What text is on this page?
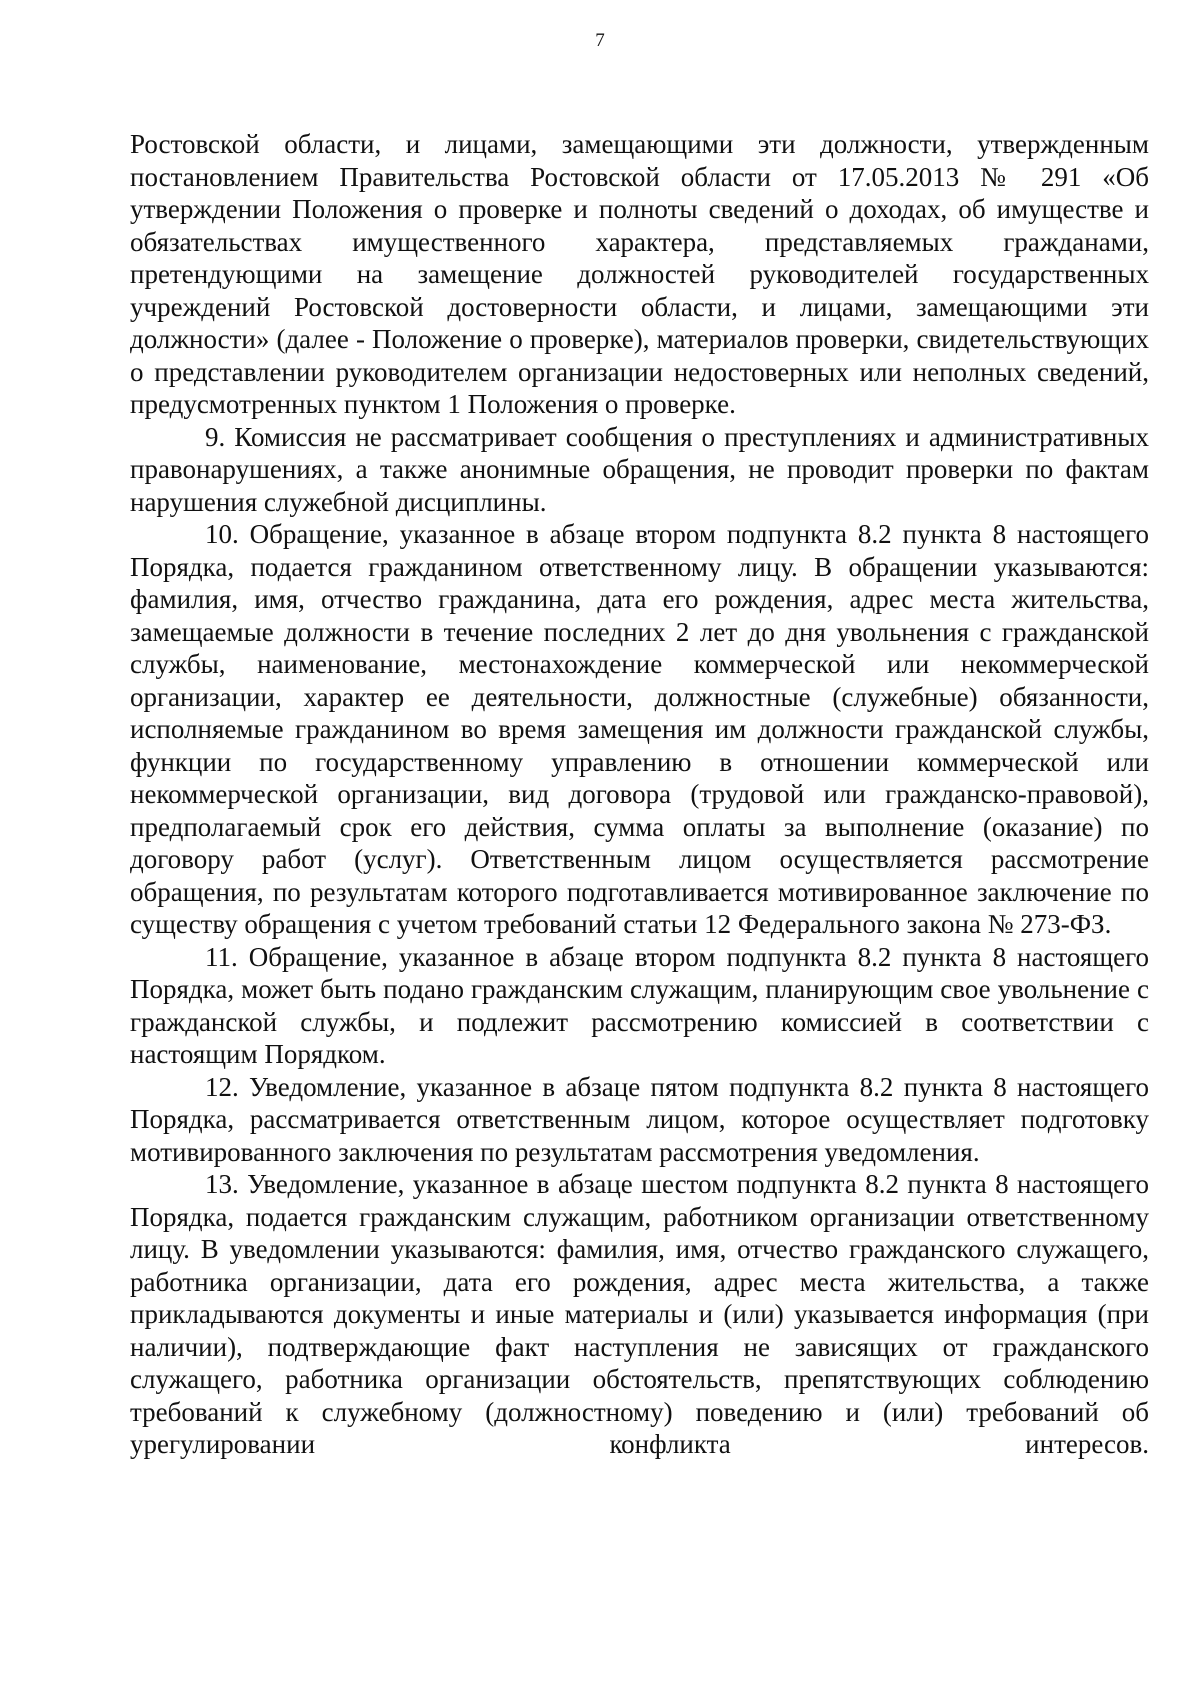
7

Ростовской области, и лицами, замещающими эти должности, утвержденным постановлением Правительства Ростовской области от 17.05.2013 № 291 «Об утверждении Положения о проверке и полноты сведений о доходах, об имуществе и обязательствах имущественного характера, представляемых гражданами, претендующими на замещение должностей руководителей государственных учреждений Ростовской достоверности области, и лицами, замещающими эти должности» (далее - Положение о проверке), материалов проверки, свидетельствующих о представлении руководителем организации недостоверных или неполных сведений, предусмотренных пунктом 1 Положения о проверке.

9. Комиссия не рассматривает сообщения о преступлениях и административных правонарушениях, а также анонимные обращения, не проводит проверки по фактам нарушения служебной дисциплины.

10. Обращение, указанное в абзаце втором подпункта 8.2 пункта 8 настоящего Порядка, подается гражданином ответственному лицу. В обращении указываются: фамилия, имя, отчество гражданина, дата его рождения, адрес места жительства, замещаемые должности в течение последних 2 лет до дня увольнения с гражданской службы, наименование, местонахождение коммерческой или некоммерческой организации, характер ее деятельности, должностные (служебные) обязанности, исполняемые гражданином во время замещения им должности гражданской службы, функции по государственному управлению в отношении коммерческой или некоммерческой организации, вид договора (трудовой или гражданско-правовой), предполагаемый срок его действия, сумма оплаты за выполнение (оказание) по договору работ (услуг). Ответственным лицом осуществляется рассмотрение обращения, по результатам которого подготавливается мотивированное заключение по существу обращения с учетом требований статьи 12 Федерального закона № 273-ФЗ.

11. Обращение, указанное в абзаце втором подпункта 8.2 пункта 8 настоящего Порядка, может быть подано гражданским служащим, планирующим свое увольнение с гражданской службы, и подлежит рассмотрению комиссией в соответствии с настоящим Порядком.

12. Уведомление, указанное в абзаце пятом подпункта 8.2 пункта 8 настоящего Порядка, рассматривается ответственным лицом, которое осуществляет подготовку мотивированного заключения по результатам рассмотрения уведомления.

13. Уведомление, указанное в абзаце шестом подпункта 8.2 пункта 8 настоящего Порядка, подается гражданским служащим, работником организации ответственному лицу. В уведомлении указываются: фамилия, имя, отчество гражданского служащего, работника организации, дата его рождения, адрес места жительства, а также прикладываются документы и иные материалы и (или) указывается информация (при наличии), подтверждающие факт наступления не зависящих от гражданского служащего, работника организации обстоятельств, препятствующих соблюдению требований к служебному (должностному) поведению и (или) требований об урегулировании конфликта интересов.
